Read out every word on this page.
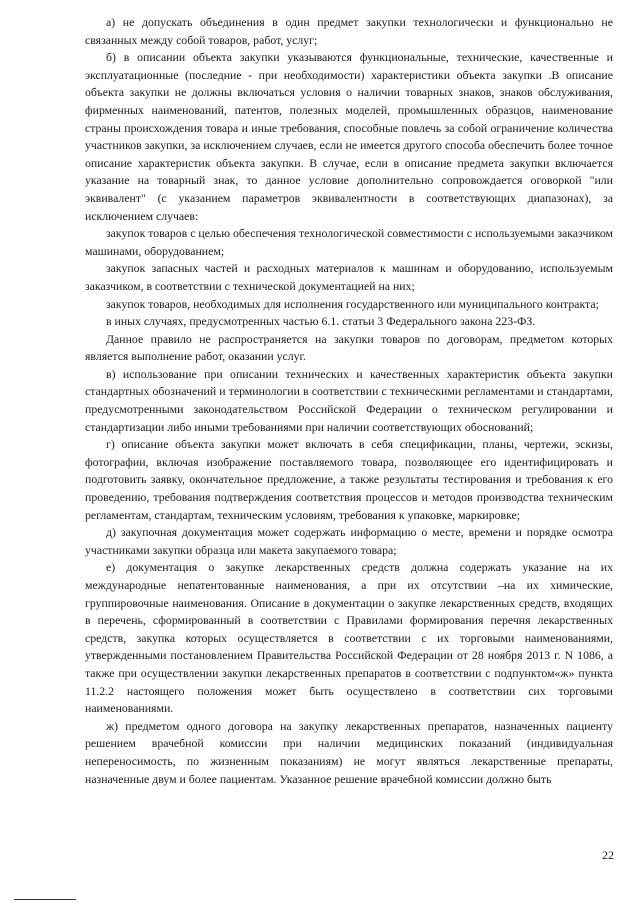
а) не допускать объединения в один предмет закупки технологически и функционально не связанных между собой товаров, работ, услуг;

б) в описании объекта закупки указываются функциональные, технические, качественные и эксплуатационные (последние - при необходимости) характеристики объекта закупки .В описание объекта закупки не должны включаться условия о наличии товарных знаков, знаков обслуживания, фирменных наименований, патентов, полезных моделей, промышленных образцов, наименование страны происхождения товара и иные требования, способные повлечь за собой ограничение количества участников закупки, за исключением случаев, если не имеется другого способа обеспечить более точное описание характеристик объекта закупки. В случае, если в описание предмета закупки включается указание на товарный знак, то данное условие дополнительно сопровождается оговоркой "или эквивалент" (с указанием параметров эквивалентности в соответствующих диапазонах), за исключением случаев:

закупок товаров с целью обеспечения технологической совместимости с используемыми заказчиком машинами, оборудованием;

закупок запасных частей и расходных материалов к машинам и оборудованию, используемым заказчиком, в соответствии с технической документацией на них;

закупок товаров, необходимых для исполнения государственного или муниципального контракта;

в иных случаях, предусмотренных частью 6.1. статьи 3 Федерального закона 223-ФЗ.

Данное правило не распространяется на закупки товаров по договорам, предметом которых является выполнение работ, оказании услуг.

в) использование при описании технических и качественных характеристик объекта закупки стандартных обозначений и терминологии в соответствии с техническими регламентами и стандартами, предусмотренными законодательством Российской Федерации о техническом регулировании и стандартизации либо иными требованиями при наличии соответствующих обоснований;

г) описание объекта закупки может включать в себя спецификации, планы, чертежи, эскизы, фотографии, включая изображение поставляемого товара, позволяющее его идентифицировать и подготовить заявку, окончательное предложение, а также результаты тестирования и требования к его проведению, требования подтверждения соответствия процессов и методов производства техническим регламентам, стандартам, техническим условиям, требования к упаковке, маркировке;

д) закупочная документация может содержать информацию о месте, времени и порядке осмотра участниками закупки образца или макета закупаемого товара;

е) документация о закупке лекарственных средств должна содержать указание на их международные непатентованные наименования, а при их отсутствии –на их химические, группировочные наименования. Описание в документации о закупке лекарственных средств, входящих в перечень, сформированный в соответствии с Правилами формирования перечня лекарственных средств, закупка которых осуществляется в соответствии с их торговыми наименованиями, утвержденными постановлением Правительства Российской Федерации от 28 ноября 2013 г. N 1086, а также при осуществлении закупки лекарственных препаратов в соответствии с подпунктом«ж» пункта 11.2.2 настоящего положения может быть осуществлено в соответствии сих торговыми наименованиями.

ж) предметом одного договора на закупку лекарственных препаратов, назначенных пациенту решением врачебной комиссии при наличии медицинских показаний (индивидуальная непереносимость, по жизненным показаниям) не могут являться лекарственные препараты, назначенные двум и более пациентам. Указанное решение врачебной комиссии должно быть

22
